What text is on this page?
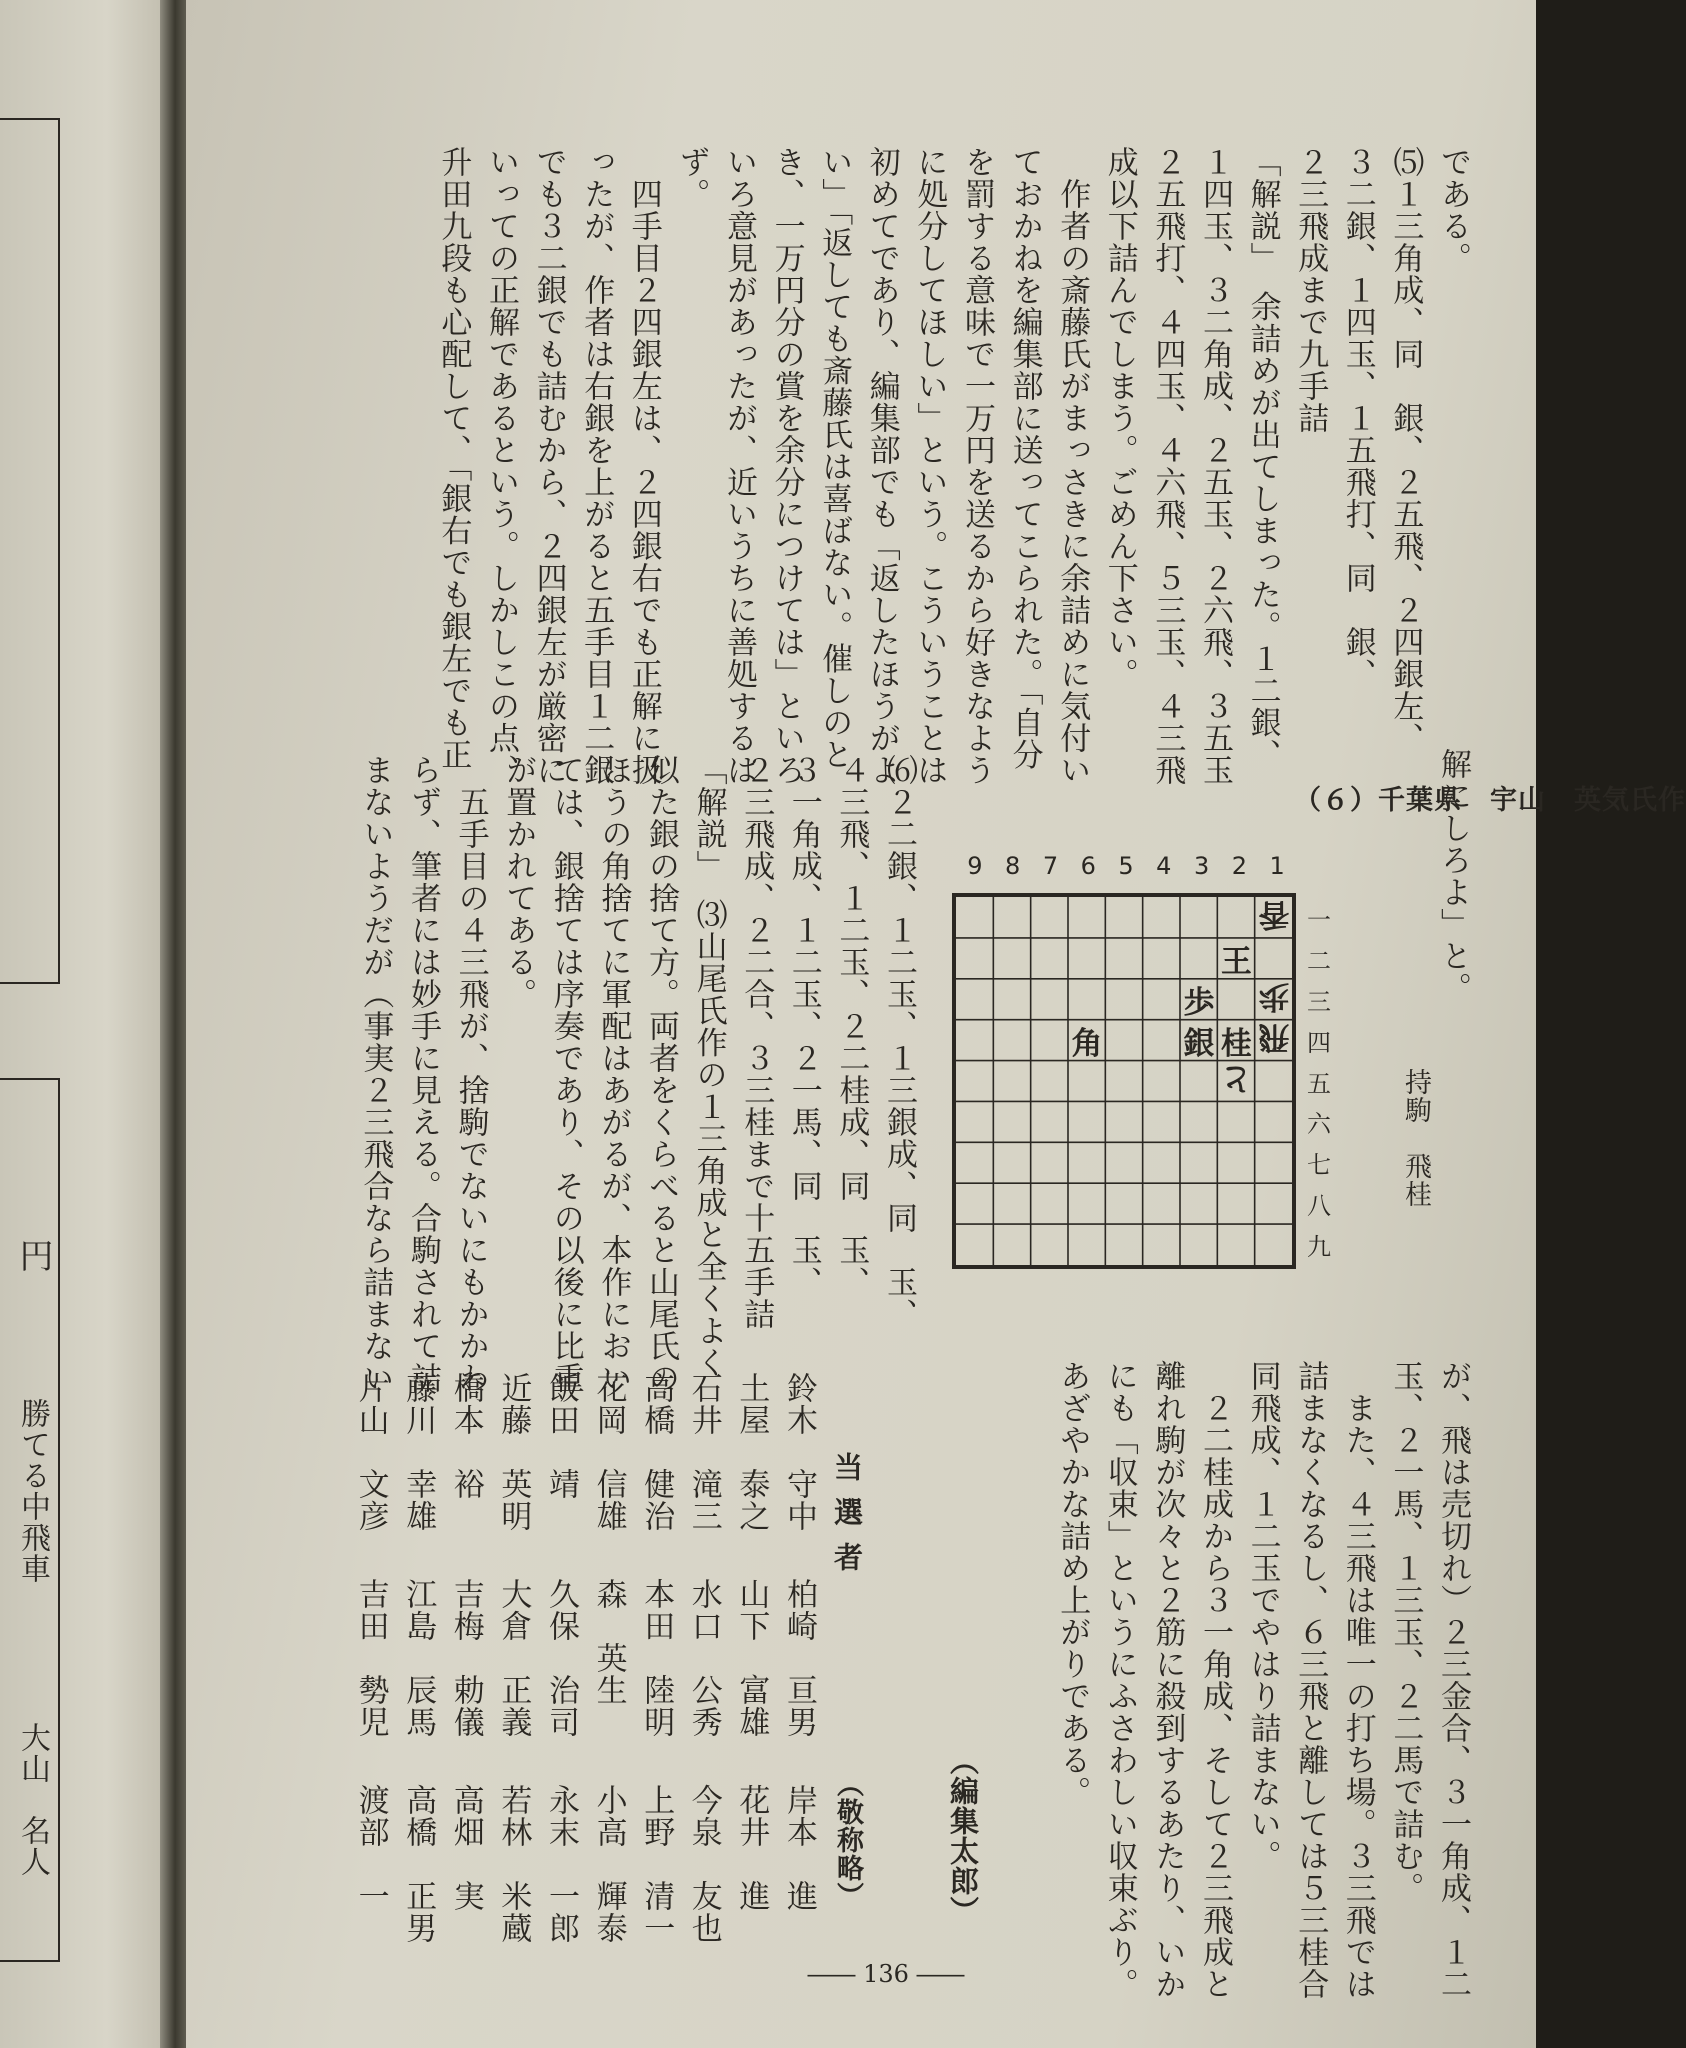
円
勝てる中飛車
大山　名人
である。
⑸１三角成、同　銀、２五飛、２四銀左、
３二銀、１四玉、１五飛打、同　銀、
２三飛成まで九手詰
「解説」　余詰めが出てしまった。１二銀、
１四玉、３二角成、２五玉、２六飛、３五玉
２五飛打、４四玉、４六飛、５三玉、４三飛
成以下詰んでしまう。ごめん下さい。
　作者の斎藤氏がまっさきに余詰めに気付い
ておかねを編集部に送ってこられた。「自分
を罰する意味で一万円を送るから好きなよう
に処分してほしい」という。こういうことは
初めてであり、編集部でも「返したほうがよ
い」「返しても斎藤氏は喜ばない。催しのと
き、一万円分の賞を余分につけては」といろ
いろ意見があったが、近いうちに善処するは
ず。
　四手目２四銀左は、２四銀右でも正解に扱
ったが、作者は右銀を上がると五手目１二銀
でも３二銀でも詰むから、２四銀左が厳密に
いっての正解であるという。しかしこの点、
升田九段も心配して、「銀右でも銀左でも正
解にしろよ」と。
（６）千葉県　宇山　英気氏作
持駒　飛桂
9 8 7 6 5 4 3 2 1
一
二
三
四
五
六
七
八
九
香
王
歩 歩
銀 桂 飛
角
と
⑹２二銀、１二玉、１三銀成、同　玉、
４三飛、１二玉、２二桂成、同　玉、
３一角成、１二玉、２一馬、同　玉、
２三飛成、２二合、３三桂まで十五手詰
「解説」　⑶山尾氏作の１三角成と全くよく
似た銀の捨て方。両者をくらべると山尾氏の
ほうの角捨てに軍配はあがるが、本作におい
ては、銀捨ては序奏であり、その以後に比重
が置かれてある。
　五手目の４三飛が、捨駒でないにもかかわ
らず、筆者には妙手に見える。合駒されて詰
まないようだが（事実２三飛合なら詰まない
が、飛は売切れ）２三金合、３一角成、１二
玉、２一馬、１三玉、２二馬で詰む。
　また、４三飛は唯一の打ち場。３三飛では
詰まなくなるし、６三飛と離しては５三桂合
同飛成、１二玉でやはり詰まない。
　２二桂成から３一角成、そして２三飛成と
離れ駒が次々と２筋に殺到するあたり、いか
にも「収束」というにふさわしい収束ぶり。
あざやかな詰め上がりである。
（編集太郎）
鈴木　守中
柏崎　亘男
岸本　進
土屋　泰之
山下　富雄
花井　進
石井　滝三
水口　公秀
今泉　友也
高橋　健治
本田　陸明
上野　清一
花岡　信雄
森　英生
小高　輝泰
飯田　靖
久保　治司
永末　一郎
近藤　英明
大倉　正義
若林　米蔵
橋本　裕
吉梅　勅儀
高畑　実
藤川　幸雄
江島　辰馬
高橋　正男
片山　文彦
吉田　勢児
渡部　一
当選者
（敬称略）
―― 136 ――
